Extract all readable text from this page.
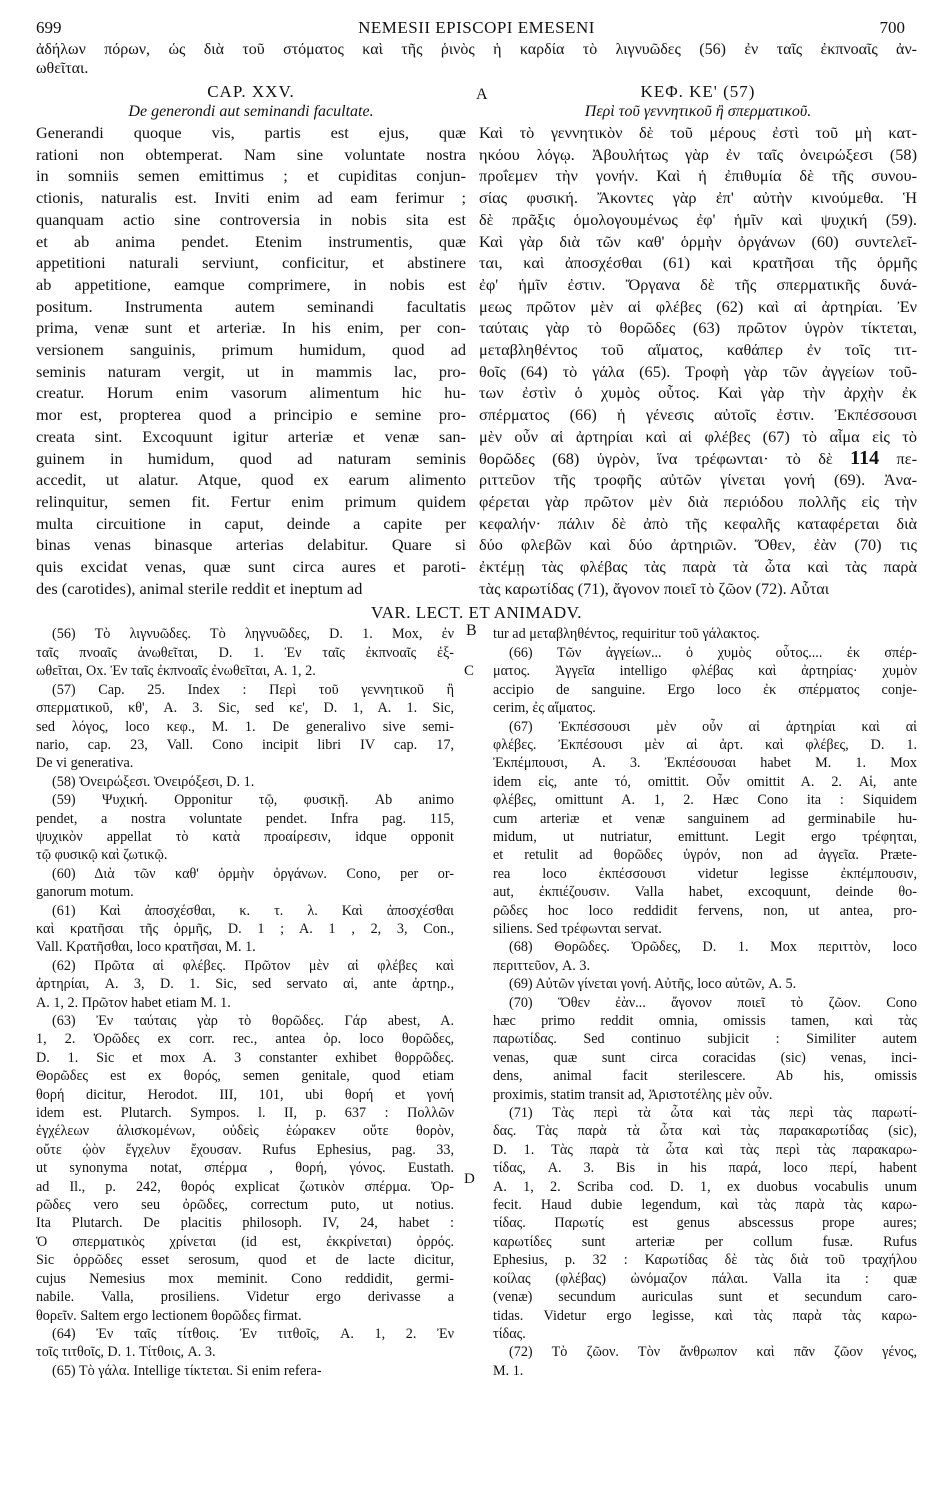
699	NEMESII EPISCOPI EMESENI	700
ἀδήλων πόρων, ὡς διὰ τοῦ στόματος καὶ τῆς ῥινὸς ἡ καρδία τὸ λιγνυῶδες (56) ἐν ταῖς ἐκπνοαῖς ἀν-
ωθεῖται.
A
B
CAP. XXV.
De generondi aut seminandi facultate.
Generandi quoque vis, partis est ejus, quæ
rationi non obtemperat. Nam sine voluntate nostra
in somniis semen emittimus ; et cupiditas conjun-
ctionis, naturalis est. Inviti enim ad eam ferimur ;
quanquam actio sine controversia in nobis sita est
et ab anima pendet. Etenim instrumentis, quæ
appetitioni naturali serviunt, conficitur, et abstinere
ab appetitione, eamque comprimere, in nobis est
positum. Instrumenta autem seminandi facultatis
prima, venæ sunt et arteriæ. In his enim, per con-
versionem sanguinis, primum humidum, quod ad
seminis naturam vergit, ut in mammis lac, pro-
creatur. Horum enim vasorum alimentum hic hu-
mor est, propterea quod a principio e semine pro-
creata sint. Excoquunt igitur arteriæ et venæ san-
guinem in humidum, quod ad naturam seminis
accedit, ut alatur. Atque, quod ex earum alimento
relinquitur, semen fit. Fertur enim primum quidem
multa circuitione in caput, deinde a capite per
binas venas binasque arterias delabitur. Quare si
quis excidat venas, quæ sunt circa aures et paroti-
des (carotides), animal sterile reddit et ineptum ad
ΚΕΦ. ΚΕ' (57)
Περὶ τοῦ γεννητικοῦ ἢ σπερματικοῦ.
Καὶ τὸ γεννητικὸν δὲ τοῦ μέρους ἐστὶ τοῦ μὴ κατ-
ηκόου λόγῳ. Ἀβουλήτως γὰρ ἐν ταῖς ὀνειρώξεσι (58)
προΐεμεν τὴν γονήν. Καὶ ἡ ἐπιθυμία δὲ τῆς συνου-
σίας φυσική. Ἄκοντες γὰρ ἐπ' αὐτὴν κινούμεθα. Ἡ
δὲ πρᾶξις ὁμολογουμένως ἐφ' ἡμῖν καὶ ψυχική (59).
Καὶ γὰρ διὰ τῶν καθ' ὁρμὴν ὀργάνων (60) συντελεῖ-
ται, καὶ ἀποσχέσθαι (61) καὶ κρατῆσαι τῆς ὁρμῆς
ἐφ' ἡμῖν ἐστιν. Ὄργανα δὲ τῆς σπερματικῆς δυνά-
μεως πρῶτον μὲν αἱ φλέβες (62) καὶ αἱ ἀρτηρίαι. Ἐν
ταύταις γὰρ τὸ θορῶδες (63) πρῶτον ὑγρὸν τίκτεται,
μεταβληθέντος τοῦ αἵματος, καθάπερ ἐν τοῖς τιτ-
θοῖς (64) τὸ γάλα (65). Τροφὴ γὰρ τῶν ἀγγείων τοῦ-
των ἐστὶν ὁ χυμὸς οὗτος. Καὶ γὰρ τὴν ἀρχὴν ἐκ
σπέρματος (66) ἡ γένεσις αὐτοῖς ἐστιν. Ἐκπέσσουσι
μὲν οὖν αἱ ἀρτηρίαι καὶ αἱ φλέβες (67) τὸ αἷμα εἰς τὸ
θορῶδες (68) ὑγρὸν, ἵνα τρέφωνται· τὸ δὲ 114 πε-
ριττεῦον τῆς τροφῆς αὐτῶν γίνεται γονή (69). Ἀνα-
φέρεται γὰρ πρῶτον μὲν διὰ περιόδου πολλῆς εἰς τὴν
κεφαλήν· πάλιν δὲ ἀπὸ τῆς κεφαλῆς καταφέρεται διὰ
δύο φλεβῶν καὶ δύο ἀρτηριῶν. Ὅθεν, ἐὰν (70) τις
ἐκτέμῃ τὰς φλέβας τὰς παρὰ τὰ ὦτα καὶ τὰς παρὰ
τὰς καρωτίδας (71), ἄγονον ποιεῖ τὸ ζῶον (72). Αὗται
VAR. LECT. ET ANIMADV.
C
D
(56) Τὸ λιγνυῶδες. Τὸ ληγνυῶδες, D. 1. Mox, ἐν
ταῖς πνοαῖς ἀνωθεῖται, D. 1. Ἐν ταῖς ἐκπνοαῖς ἐξ-
ωθεῖται, Ox. Ἐν ταῖς ἐκπνοαῖς ἐνωθεῖται, A. 1, 2.
(57) Cap. 25. Index : Περὶ τοῦ γεννητικοῦ ἢ
σπερματικοῦ, κθ', A. 3. Sic, sed κε', D. 1, A. 1. Sic,
sed λόγος, loco κεφ., M. 1. De generalivo sive semi-
nario, cap. 23, Vall. Cono incipit libri IV cap. 17,
De vi generativa.
(58) Ὀνειρώξεσι. Ὀνειρόξεσι, D. 1.
(59) Ψυχική. Opponitur τῷ, φυσικῇ. Ab animo
pendet, a nostra voluntate pendet. Infra pag. 115,
ψυχικὸν appellat τὸ κατὰ προαίρεσιν, idque opponit
τῷ φυσικῷ καὶ ζωτικῷ.
(60) Διὰ τῶν καθ' ὁρμὴν ὀργάνων. Cono, per or-
ganorum motum.
(61) Καὶ ἀποσχέσθαι, κ. τ. λ. Καὶ ἀποσχέσθαι
καὶ κρατῆσαι τῆς ὁρμῆς, D. 1 ; A. 1 , 2, 3, Con.,
Vall. Κρατῆσθαι, loco κρατῆσαι, M. 1.
(62) Πρῶτα αἱ φλέβες. Πρῶτον μὲν αἱ φλέβες καὶ
ἀρτηρίαι, A. 3, D. 1. Sic, sed servato αἱ, ante ἀρτηρ.,
A. 1, 2. Πρῶτον habet etiam M. 1.
(63) Ἐν ταύταις γὰρ τὸ θορῶδες. Γάρ abest, A.
1, 2. Ὀρῶδες ex corr. rec., antea ὀρ. loco θορῶδες,
D. 1. Sic et mox A. 3 constanter exhibet θορρῶδες.
Θορῶδες est ex θορός, semen genitale, quod etiam
θορή dicitur, Herodot. III, 101, ubi θορή et γονή
idem est. Plutarch. Sympos. l. II, p. 637 : Πολλῶν
ἐγχέλεων ἁλισκομένων, οὐδεὶς ἑώρακεν οὔτε θορὸν,
οὔτε ᾠὸν ἔγχελυν ἔχουσαν. Rufus Ephesius, pag. 33,
ut synonyma notat, σπέρμα , θορή, γόνος. Eustath.
ad Il., p. 242, θορός explicat ζωτικὸν σπέρμα. Ὀρ-
ρῶδες vero seu ὀρῶδες, correctum puto, ut notius.
Ita Plutarch. De placitis philosoph. IV, 24, habet :
Ὁ σπερματικὸς χρίνεται (id est, ἐκκρίνεται) ὀρρός.
Sic ὀρρῶδες esset serosum, quod et de lacte dicitur,
cujus Nemesius mox meminit. Cono reddidit, germi-
nabile. Valla, prosiliens. Videtur ergo derivasse a
θορεῖν. Saltem ergo lectionem θορῶδες firmat.
(64) Ἐν ταῖς τίτθοις. Ἐν τιτθοῖς, A. 1, 2. Ἐν
τοῖς τιτθοῖς, D. 1. Τίτθοις, A. 3.
(65) Τὸ γάλα. Intellige τίκτεται. Si enim refera-
tur ad μεταβληθέντος, requiritur τοῦ γάλακτος.
(66) Τῶν ἀγγείων... ὁ χυμὸς οὗτος.... ἐκ σπέρ-
ματος. Ἀγγεῖα intelligo φλέβας καὶ ἀρτηρίας· χυμὸν
accipio de sanguine. Ergo loco ἐκ σπέρματος conje-
cerim, ἐς αἵματος.
(67) Ἐκπέσσουσι μὲν οὖν αἱ ἀρτηρίαι καὶ αἱ
φλέβες. Ἐκπέσουσι μὲν αἱ ἀρτ. καὶ φλέβες, D. 1.
Ἐκπέμπουσι, A. 3. Ἐκπέσουσαι habet M. 1. Mox
idem εἰς, ante τό, omittit. Οὖν omittit A. 2. Αἱ, ante
φλέβες, omittunt A. 1, 2. Hæc Cono ita : Siquidem
cum arteriæ et venæ sanguinem ad germinabile hu-
midum, ut nutriatur, emittunt. Legit ergo τρέφηται,
et retulit ad θορῶδες ὑγρόν, non ad ἀγγεῖα. Præte-
rea loco ἐκπέσσουσι videtur legisse ἐκπέμπουσιν,
aut, ἐκπιέζουσιν. Valla habet, excoquunt, deinde θο-
ρῶδες hoc loco reddidit fervens, non, ut antea, pro-
siliens. Sed τρέφωνται servat.
(68) Θορῶδες. Ὀρῶδες, D. 1. Mox περιττὸν, loco
περιττεῦον, A. 3.
(69) Αὐτῶν γίνεται γονή. Αὐτῆς, loco αὐτῶν, A. 5.
(70) Ὅθεν ἐὰν... ἄγονον ποιεῖ τὸ ζῶον. Cono
hæc primo reddit omnia, omissis tamen, καὶ τὰς
παρωτίδας. Sed continuo subjicit : Similiter autem
venas, quæ sunt circa coracidas (sic) venas, inci-
dens, animal facit sterilescere. Ab his, omissis
proximis, statim transit ad, Ἀριστοτέλης μὲν οὖν.
(71) Τὰς περὶ τὰ ὦτα καὶ τὰς περὶ τὰς παρωτί-
δας. Τὰς παρὰ τὰ ὦτα καὶ τὰς παρακαρωτίδας (sic),
D. 1. Τὰς παρὰ τὰ ὦτα καὶ τὰς περὶ τὰς παρακαρω-
τίδας, A. 3. Bis in his παρά, loco περί, habent
A. 1, 2. Scriba cod. D. 1, ex duobus vocabulis unum
fecit. Haud dubie legendum, καὶ τὰς παρὰ τὰς καρω-
τίδας. Παρωτίς est genus abscessus prope aures;
καρωτίδες sunt arteriæ per collum fusæ. Rufus
Ephesius, p. 32 : Καρωτίδας δὲ τὰς διὰ τοῦ τραχήλου
κοίλας (φλέβας) ὠνόμαζον πάλαι. Valla ita : quæ
(venæ) secundum auriculas sunt et secundum caro-
tidas. Videtur ergo legisse, καὶ τὰς παρὰ τὰς καρω-
τίδας.
(72) Τὸ ζῶον. Τὸν ἄνθρωπον καὶ πᾶν ζῶον γένος,
M. 1.
